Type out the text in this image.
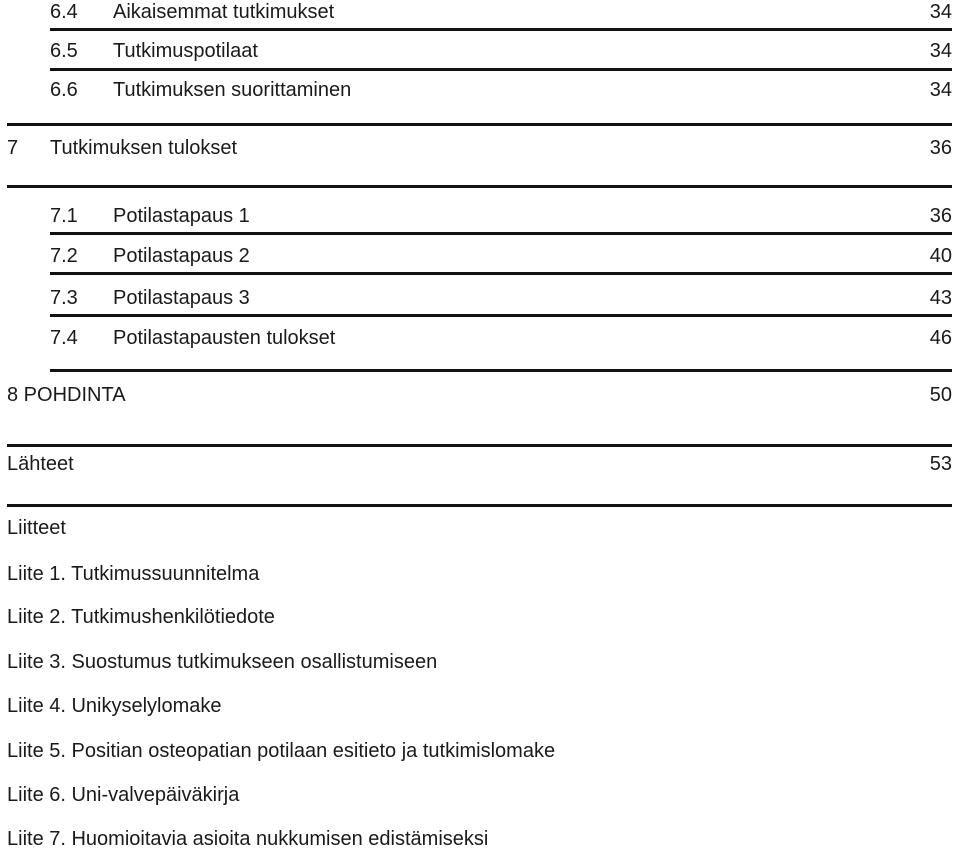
6.4 Aikaisemmat tutkimukset	34
6.5 Tutkimuspotilaat	34
6.6 Tutkimuksen suorittaminen	34
7 Tutkimuksen tulokset	36
7.1 Potilastapaus 1	36
7.2 Potilastapaus 2	40
7.3 Potilastapaus 3	43
7.4 Potilastapausten tulokset	46
8 POHDINTA	50
Lähteet	53
Liitteet
Liite 1. Tutkimussuunnitelma
Liite 2. Tutkimushenkilötiedote
Liite 3. Suostumus tutkimukseen osallistumiseen
Liite 4. Unikyselylomake
Liite 5. Positian osteopatian potilaan esitieto ja tutkimislomake
Liite 6. Uni-valvepäiväkirja
Liite 7. Huomioitavia asioita nukkumisen edistämiseksi
